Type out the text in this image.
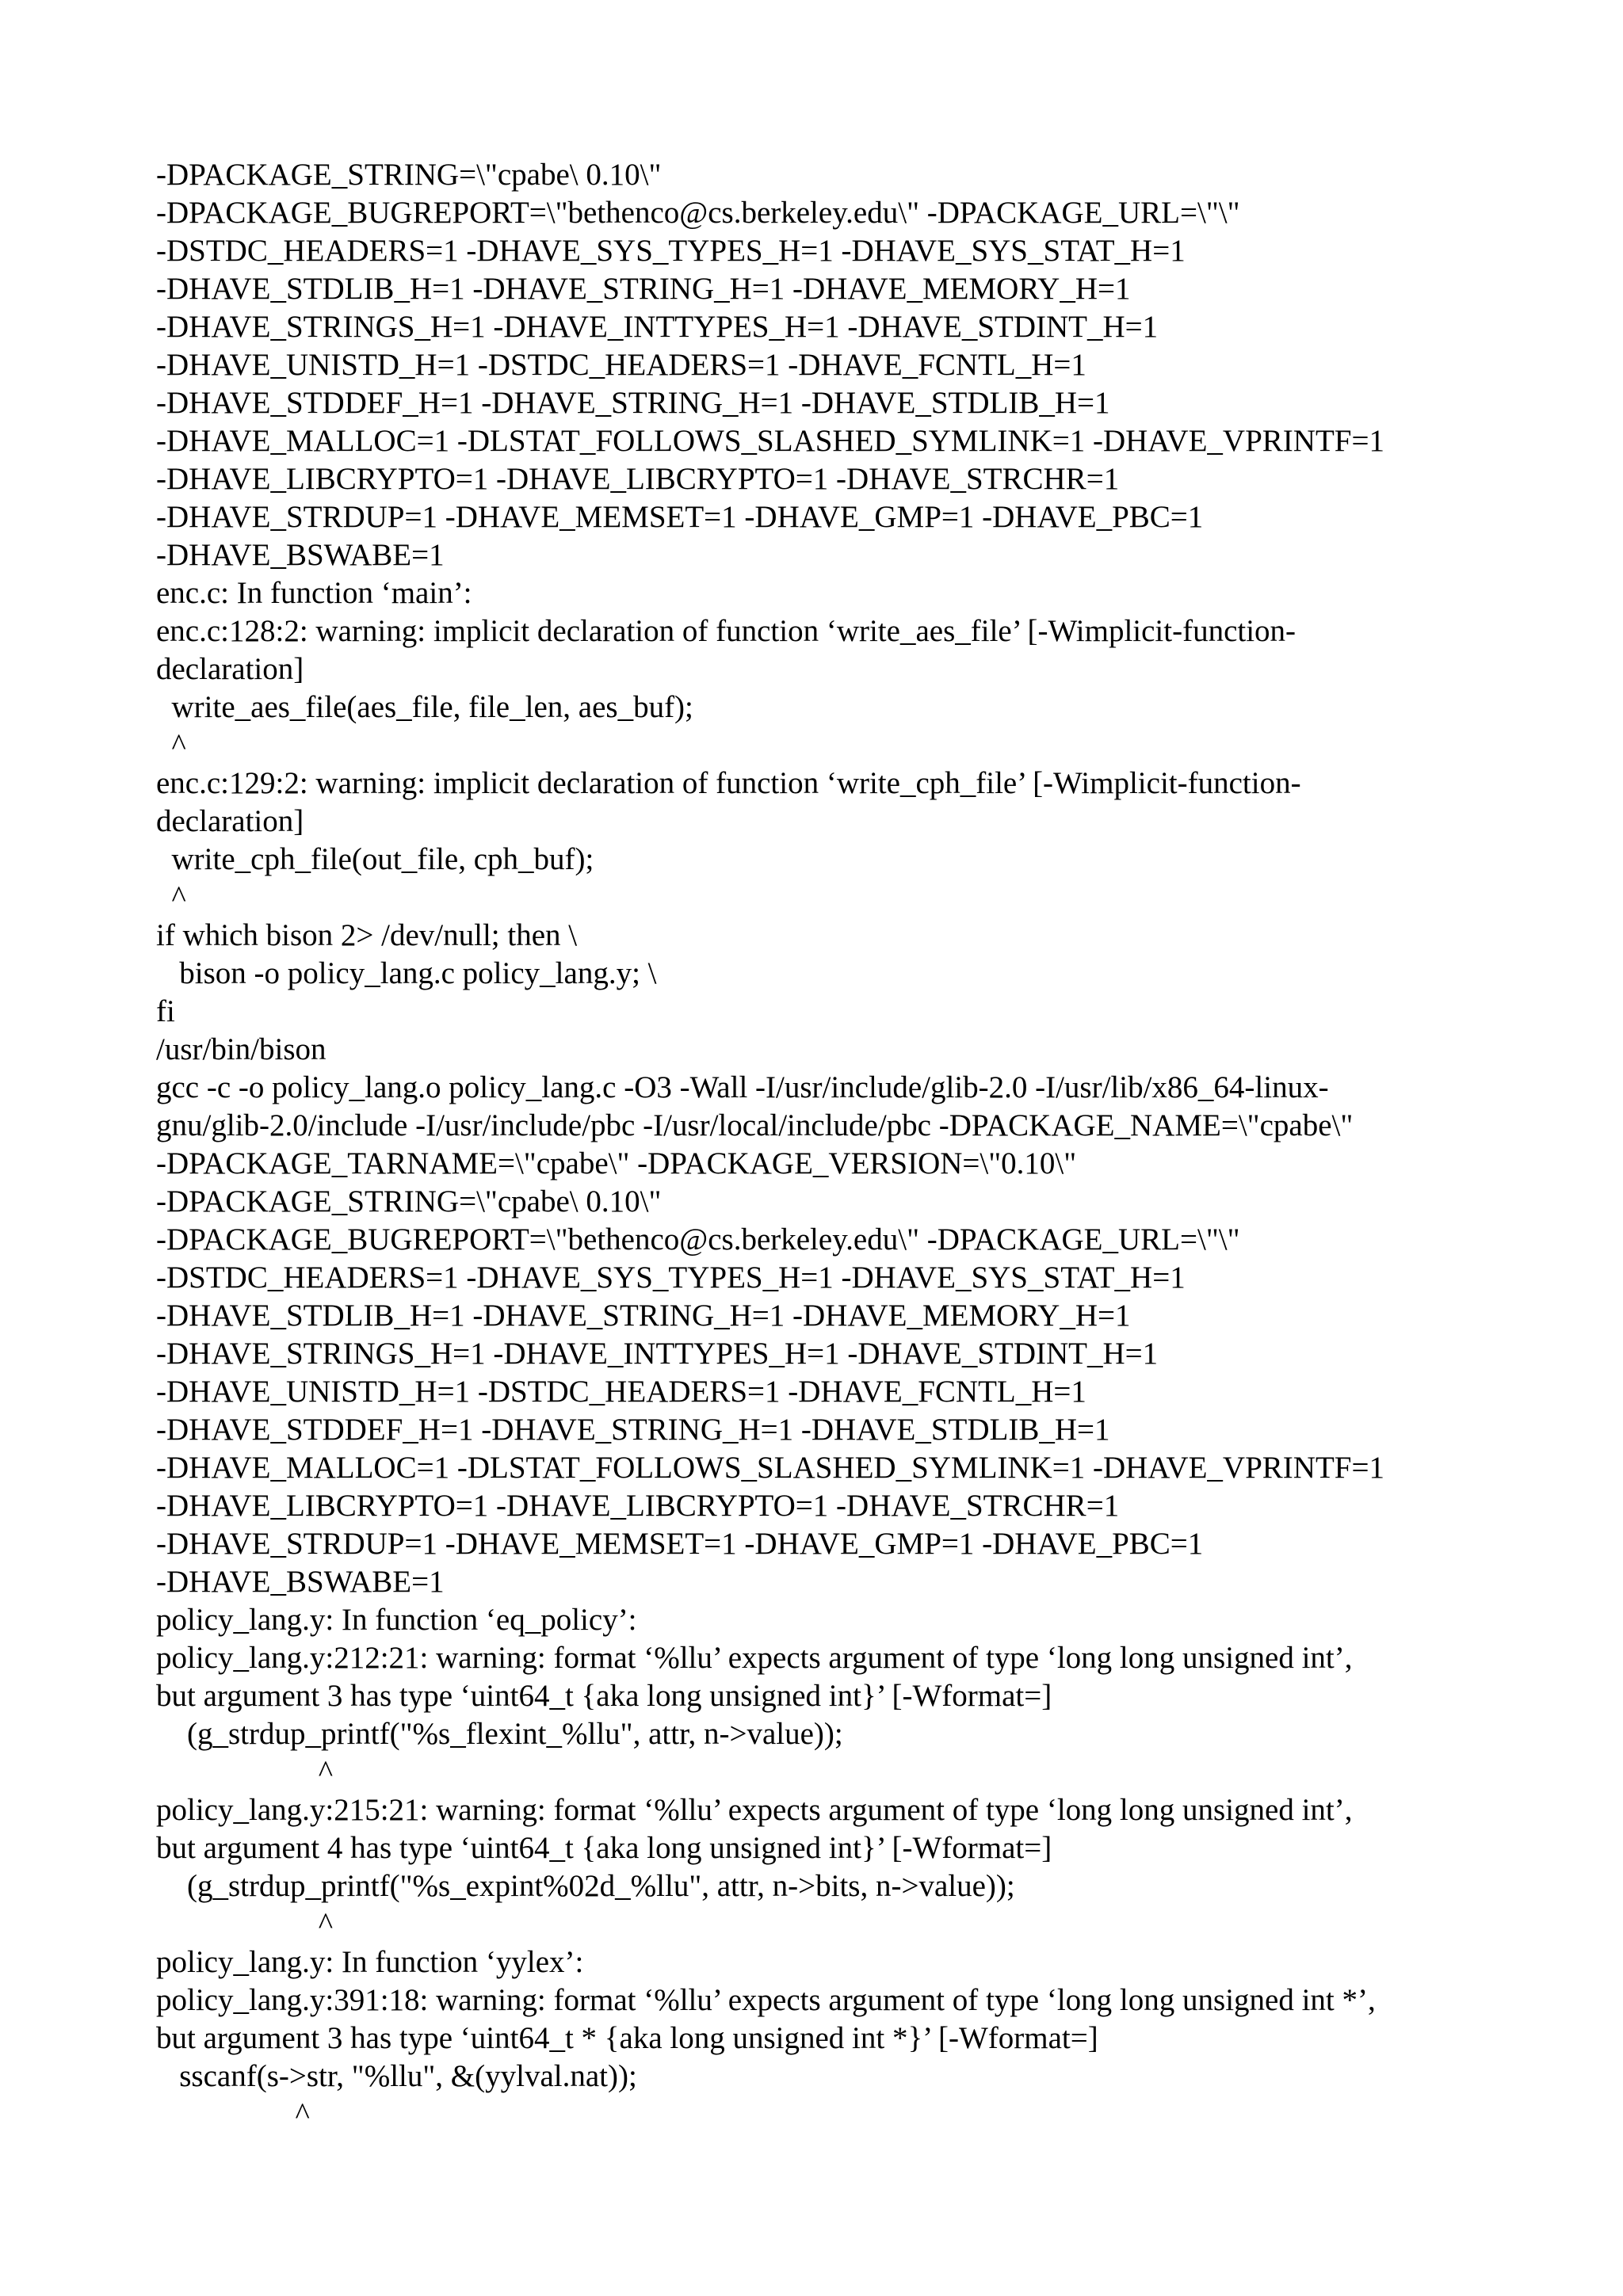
-DPACKAGE_STRING=\"cpabe\ 0.10\"
-DPACKAGE_BUGREPORT=\"bethenco@cs.berkeley.edu\" -DPACKAGE_URL=\"\"
-DSTDC_HEADERS=1 -DHAVE_SYS_TYPES_H=1 -DHAVE_SYS_STAT_H=1
-DHAVE_STDLIB_H=1 -DHAVE_STRING_H=1 -DHAVE_MEMORY_H=1
-DHAVE_STRINGS_H=1 -DHAVE_INTTYPES_H=1 -DHAVE_STDINT_H=1
-DHAVE_UNISTD_H=1 -DSTDC_HEADERS=1 -DHAVE_FCNTL_H=1
-DHAVE_STDDEF_H=1 -DHAVE_STRING_H=1 -DHAVE_STDLIB_H=1
-DHAVE_MALLOC=1 -DLSTAT_FOLLOWS_SLASHED_SYMLINK=1 -DHAVE_VPRINTF=1
-DHAVE_LIBCRYPTO=1 -DHAVE_LIBCRYPTO=1 -DHAVE_STRCHR=1
-DHAVE_STRDUP=1 -DHAVE_MEMSET=1 -DHAVE_GMP=1 -DHAVE_PBC=1
-DHAVE_BSWABE=1
enc.c: In function ‘main’:
enc.c:128:2: warning: implicit declaration of function ‘write_aes_file’ [-Wimplicit-function-
declaration]
write_aes_file(aes_file, file_len, aes_buf);
^
enc.c:129:2: warning: implicit declaration of function ‘write_cph_file’ [-Wimplicit-function-
declaration]
write_cph_file(out_file, cph_buf);
^
if which bison 2> /dev/null; then \
bison -o policy_lang.c policy_lang.y; \
fi
/usr/bin/bison
gcc -c -o policy_lang.o policy_lang.c -O3 -Wall -I/usr/include/glib-2.0 -I/usr/lib/x86_64-linux-
gnu/glib-2.0/include -I/usr/include/pbc -I/usr/local/include/pbc -DPACKAGE_NAME=\"cpabe\"
-DPACKAGE_TARNAME=\"cpabe\" -DPACKAGE_VERSION=\"0.10\"
-DPACKAGE_STRING=\"cpabe\ 0.10\"
-DPACKAGE_BUGREPORT=\"bethenco@cs.berkeley.edu\" -DPACKAGE_URL=\"\"
-DSTDC_HEADERS=1 -DHAVE_SYS_TYPES_H=1 -DHAVE_SYS_STAT_H=1
-DHAVE_STDLIB_H=1 -DHAVE_STRING_H=1 -DHAVE_MEMORY_H=1
-DHAVE_STRINGS_H=1 -DHAVE_INTTYPES_H=1 -DHAVE_STDINT_H=1
-DHAVE_UNISTD_H=1 -DSTDC_HEADERS=1 -DHAVE_FCNTL_H=1
-DHAVE_STDDEF_H=1 -DHAVE_STRING_H=1 -DHAVE_STDLIB_H=1
-DHAVE_MALLOC=1 -DLSTAT_FOLLOWS_SLASHED_SYMLINK=1 -DHAVE_VPRINTF=1
-DHAVE_LIBCRYPTO=1 -DHAVE_LIBCRYPTO=1 -DHAVE_STRCHR=1
-DHAVE_STRDUP=1 -DHAVE_MEMSET=1 -DHAVE_GMP=1 -DHAVE_PBC=1
-DHAVE_BSWABE=1
policy_lang.y: In function ‘eq_policy’:
policy_lang.y:212:21: warning: format ‘%llu’ expects argument of type ‘long long unsigned int’,
but argument 3 has type ‘uint64_t {aka long unsigned int}’ [-Wformat=]
(g_strdup_printf("%s_flexint_%llu", attr, n->value));
^
policy_lang.y:215:21: warning: format ‘%llu’ expects argument of type ‘long long unsigned int’,
but argument 4 has type ‘uint64_t {aka long unsigned int}’ [-Wformat=]
(g_strdup_printf("%s_expint%02d_%llu", attr, n->bits, n->value));
^
policy_lang.y: In function ‘yylex’:
policy_lang.y:391:18: warning: format ‘%llu’ expects argument of type ‘long long unsigned int *’,
but argument 3 has type ‘uint64_t * {aka long unsigned int *}’ [-Wformat=]
sscanf(s->str, "%llu", &(yylval.nat));
^
